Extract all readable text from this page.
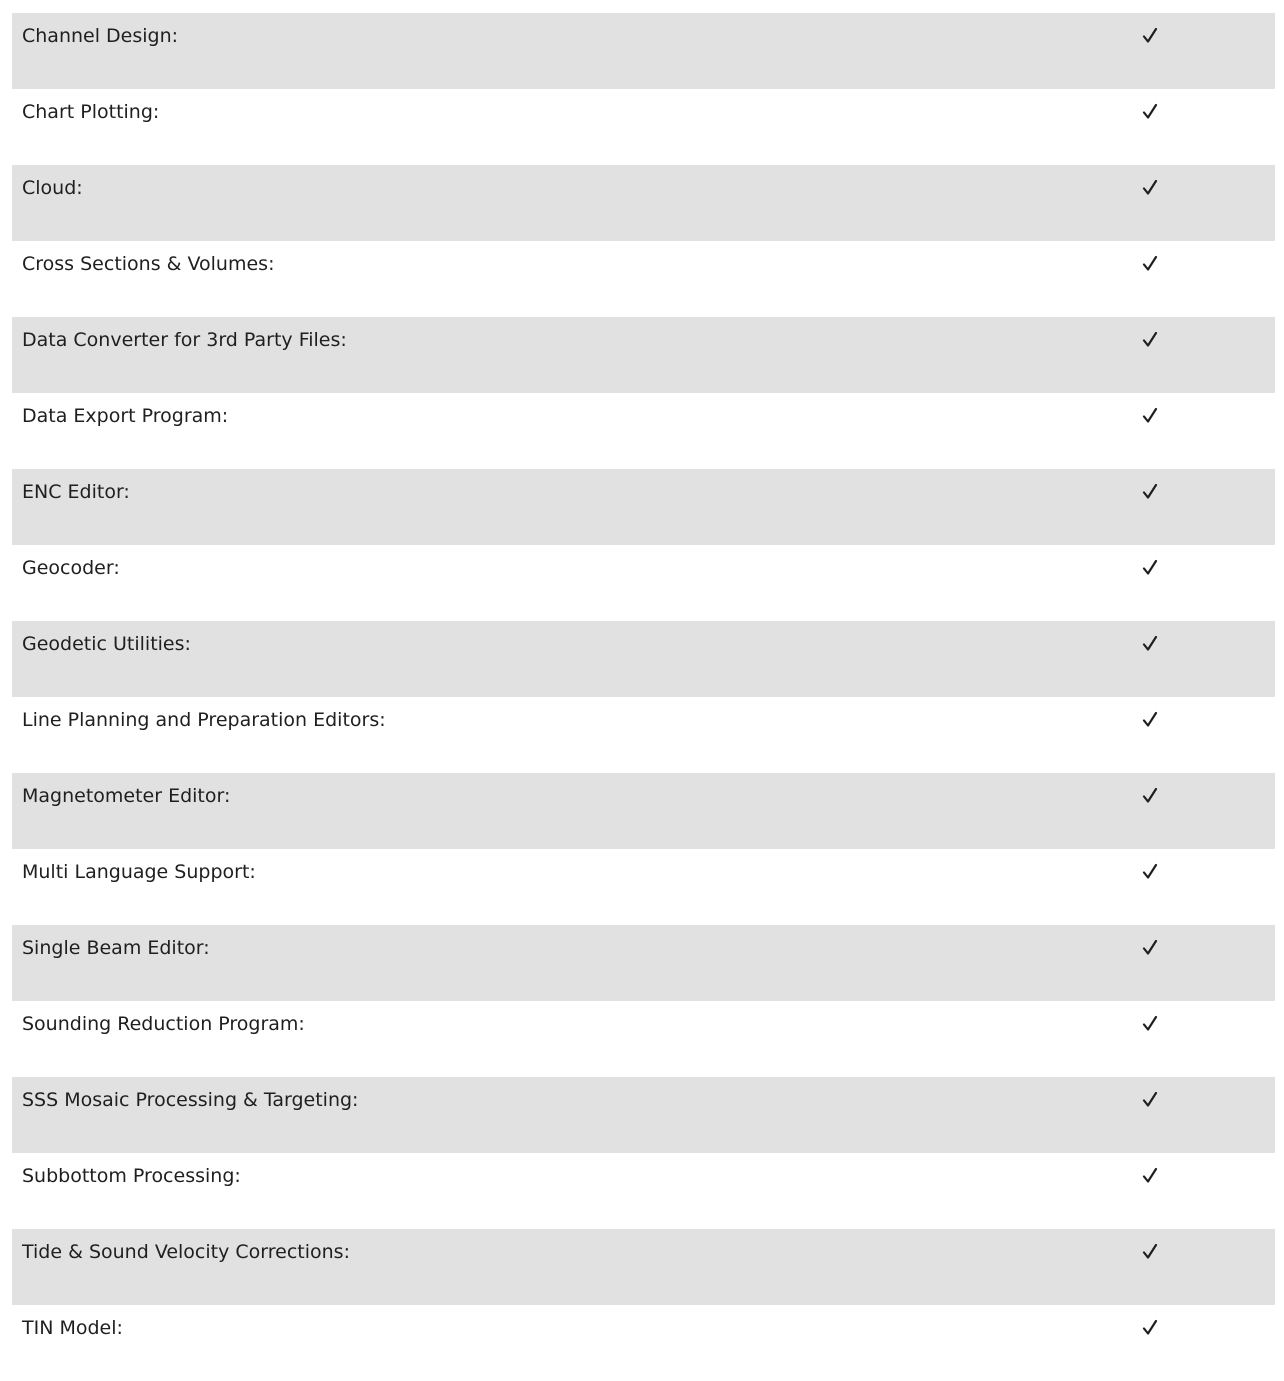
Channel Design:
Chart Plotting:
Cloud:
Cross Sections & Volumes:
Data Converter for 3rd Party Files:
Data Export Program:
ENC Editor:
Geocoder:
Geodetic Utilities:
Line Planning and Preparation Editors:
Magnetometer Editor:
Multi Language Support:
Single Beam Editor:
Sounding Reduction Program:
SSS Mosaic Processing & Targeting:
Subbottom Processing:
Tide & Sound Velocity Corrections:
TIN Model:
